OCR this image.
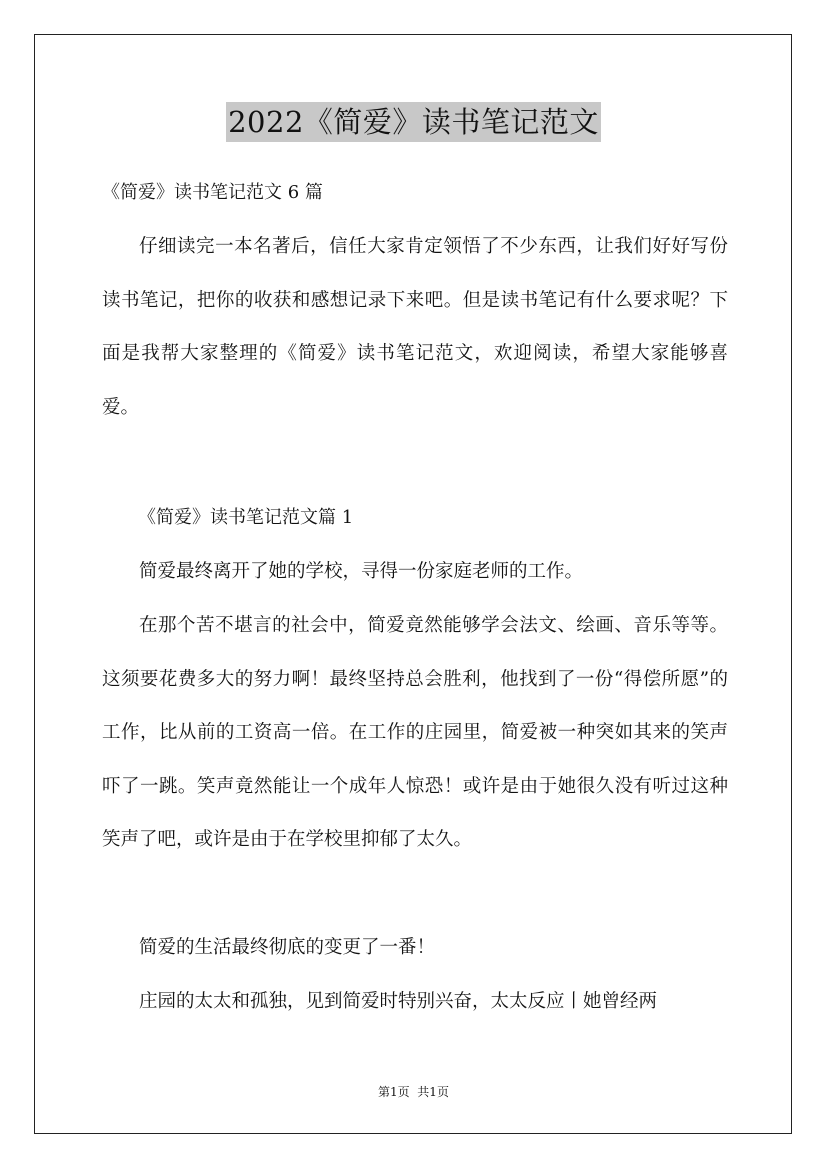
2022《简爱》读书笔记范文
《简爱》读书笔记范文 6 篇

仔细读完一本名著后，信任大家肯定领悟了不少东西，让我们好好写份读书笔记，把你的收获和感想记录下来吧。但是读书笔记有什么要求呢？下面是我帮大家整理的《简爱》读书笔记范文，欢迎阅读，希望大家能够喜爱。

《简爱》读书笔记范文篇 1

简爱最终离开了她的学校，寻得一份家庭老师的工作。

在那个苦不堪言的社会中，简爱竟然能够学会法文、绘画、音乐等等。这须要花费多大的努力啊！最终坚持总会胜利，他找到了一份“得偿所愿”的工作，比从前的工资高一倍。在工作的庄园里，简爱被一种突如其来的笑声吓了一跳。笑声竟然能让一个成年人惊恐！或许是由于她很久没有听过这种笑声了吧，或许是由于在学校里抑郁了太久。

简爱的生活最终彻底的变更了一番！

庄园的太太和孤独，见到简爱时特别兴奋，太太反应丨她曾经两

第1页  共1页
